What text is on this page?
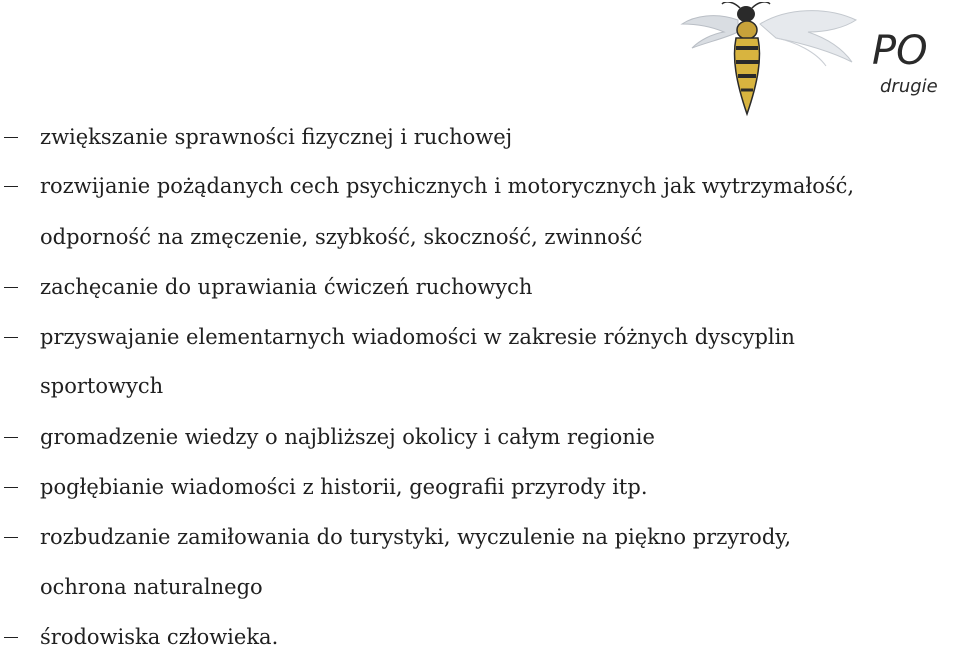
PO
drugie
zwiększanie sprawności fizycznej i ruchowej
rozwijanie pożądanych cech psychicznych i motorycznych jak wytrzymałość,
odporność na zmęczenie, szybkość, skoczność, zwinność
zachęcanie do uprawiania ćwiczeń ruchowych
przyswajanie elementarnych wiadomości w zakresie różnych dyscyplin
sportowych
gromadzenie wiedzy o najbliższej okolicy i całym regionie
pogłębianie wiadomości z historii, geografii przyrody itp.
rozbudzanie zamiłowania do turystyki, wyczulenie na piękno przyrody,
ochrona naturalnego
środowiska człowieka.
